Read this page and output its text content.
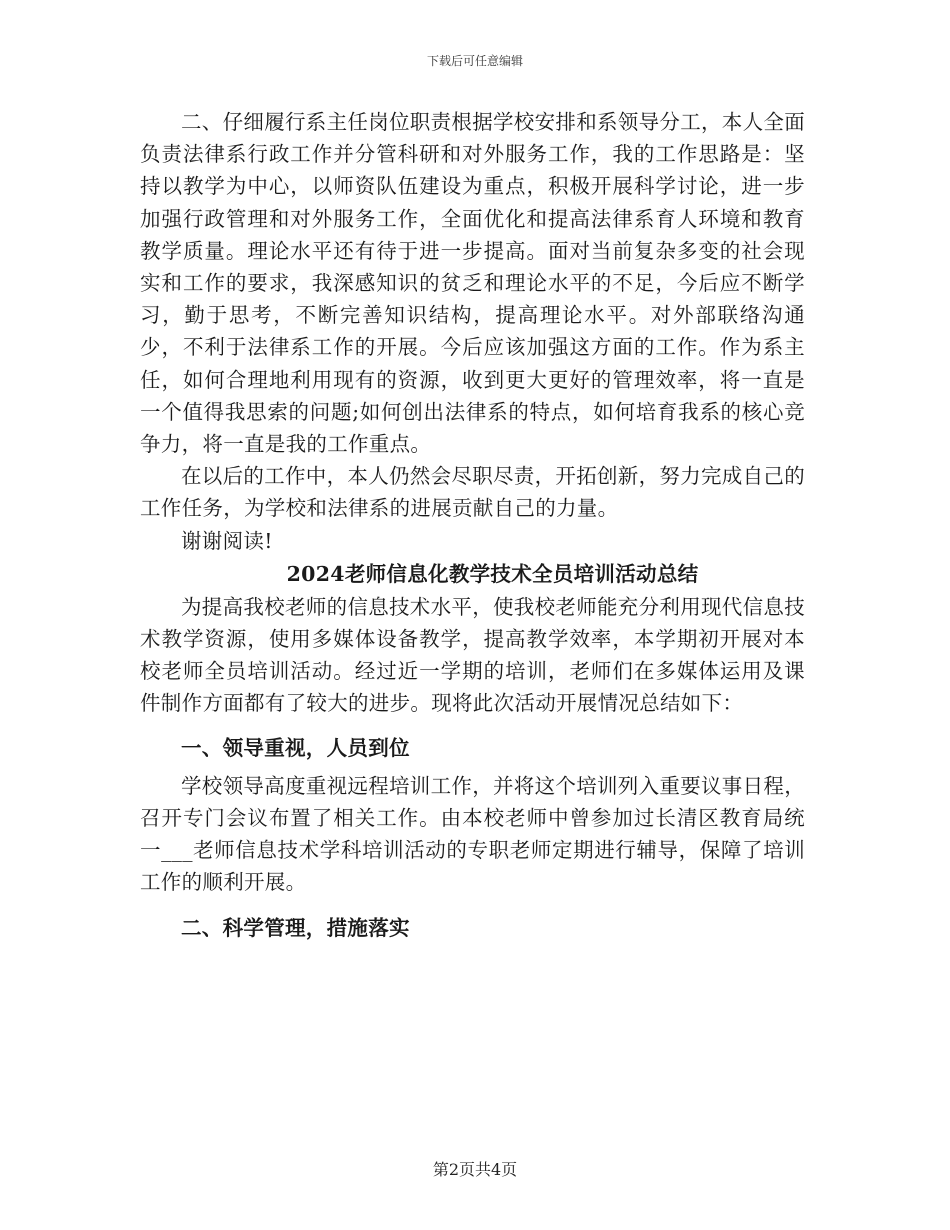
下载后可任意编辑

二、仔细履行系主任岗位职责根据学校安排和系领导分工，本人全面负责法律系行政工作并分管科研和对外服务工作，我的工作思路是：坚持以教学为中心，以师资队伍建设为重点，积极开展科学讨论，进一步加强行政管理和对外服务工作，全面优化和提高法律系育人环境和教育教学质量。理论水平还有待于进一步提高。面对当前复杂多变的社会现实和工作的要求，我深感知识的贫乏和理论水平的不足，今后应不断学习，勤于思考，不断完善知识结构，提高理论水平。对外部联络沟通少，不利于法律系工作的开展。今后应该加强这方面的工作。作为系主任，如何合理地利用现有的资源，收到更大更好的管理效率，将一直是一个值得我思索的问题;如何创出法律系的特点，如何培育我系的核心竞争力，将一直是我的工作重点。

在以后的工作中，本人仍然会尽职尽责，开拓创新，努力完成自己的工作任务，为学校和法律系的进展贡献自己的力量。

谢谢阅读!

2024老师信息化教学技术全员培训活动总结

为提高我校老师的信息技术水平，使我校老师能充分利用现代信息技术教学资源，使用多媒体设备教学，提高教学效率，本学期初开展对本校老师全员培训活动。经过近一学期的培训，老师们在多媒体运用及课件制作方面都有了较大的进步。现将此次活动开展情况总结如下：

一、领导重视，人员到位

学校领导高度重视远程培训工作，并将这个培训列入重要议事日程，召开专门会议布置了相关工作。由本校老师中曾参加过长清区教育局统一___老师信息技术学科培训活动的专职老师定期进行辅导，保障了培训工作的顺利开展。

二、科学管理，措施落实
第2页共4页
